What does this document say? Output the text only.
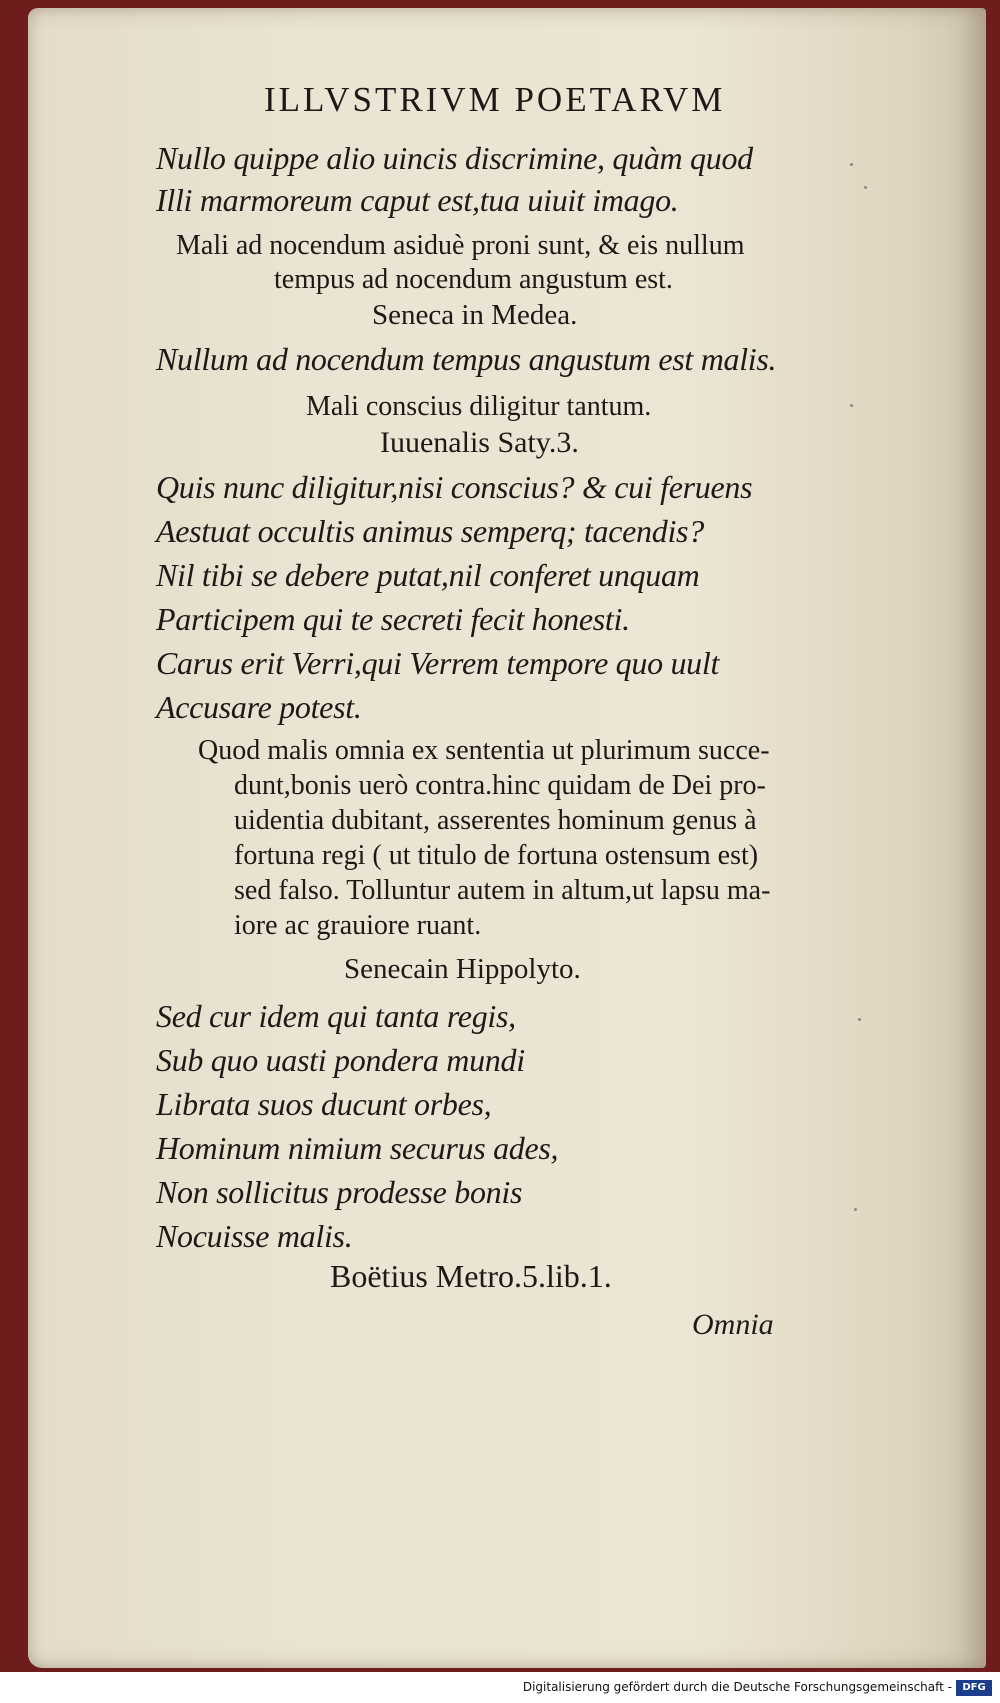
ILLVSTRIVM POETARVM
Nullo quippe alio uincis discrimine, quàm quod
Illi marmoreum caput est,tua uiuit imago.
Mali ad nocendum asiduè proni sunt, & eis nullum
tempus ad nocendum angustum est.
Seneca in Medea.
Nullum ad nocendum tempus angustum est malis.
Mali conscius diligitur tantum.
Iuuenalis Saty.3.
Quis nunc diligitur,nisi conscius? & cui feruens
Aestuat occultis animus semperq; tacendis?
Nil tibi se debere putat,nil conferet unquam
Participem qui te secreti fecit honesti.
Carus erit Verri,qui Verrem tempore quo uult
Accusare potest.
Quod malis omnia ex sententia ut plurimum succe-
dunt,bonis uerò contra.hinc quidam de Dei pro-
uidentia dubitant, asserentes hominum genus à
fortuna regi ( ut titulo de fortuna ostensum est)
sed falso. Tolluntur autem in altum,ut lapsu ma-
iore ac grauiore ruant.
Senecain Hippolyto.
Sed cur idem qui tanta regis,
Sub quo uasti pondera mundi
Librata suos ducunt orbes,
Hominum nimium securus ades,
Non sollicitus prodesse bonis
Nocuisse malis.
Boëtius Metro.5.lib.1.
Omnia
Digitalisierung gefördert durch die Deutsche Forschungsgemeinschaft -	DFG
